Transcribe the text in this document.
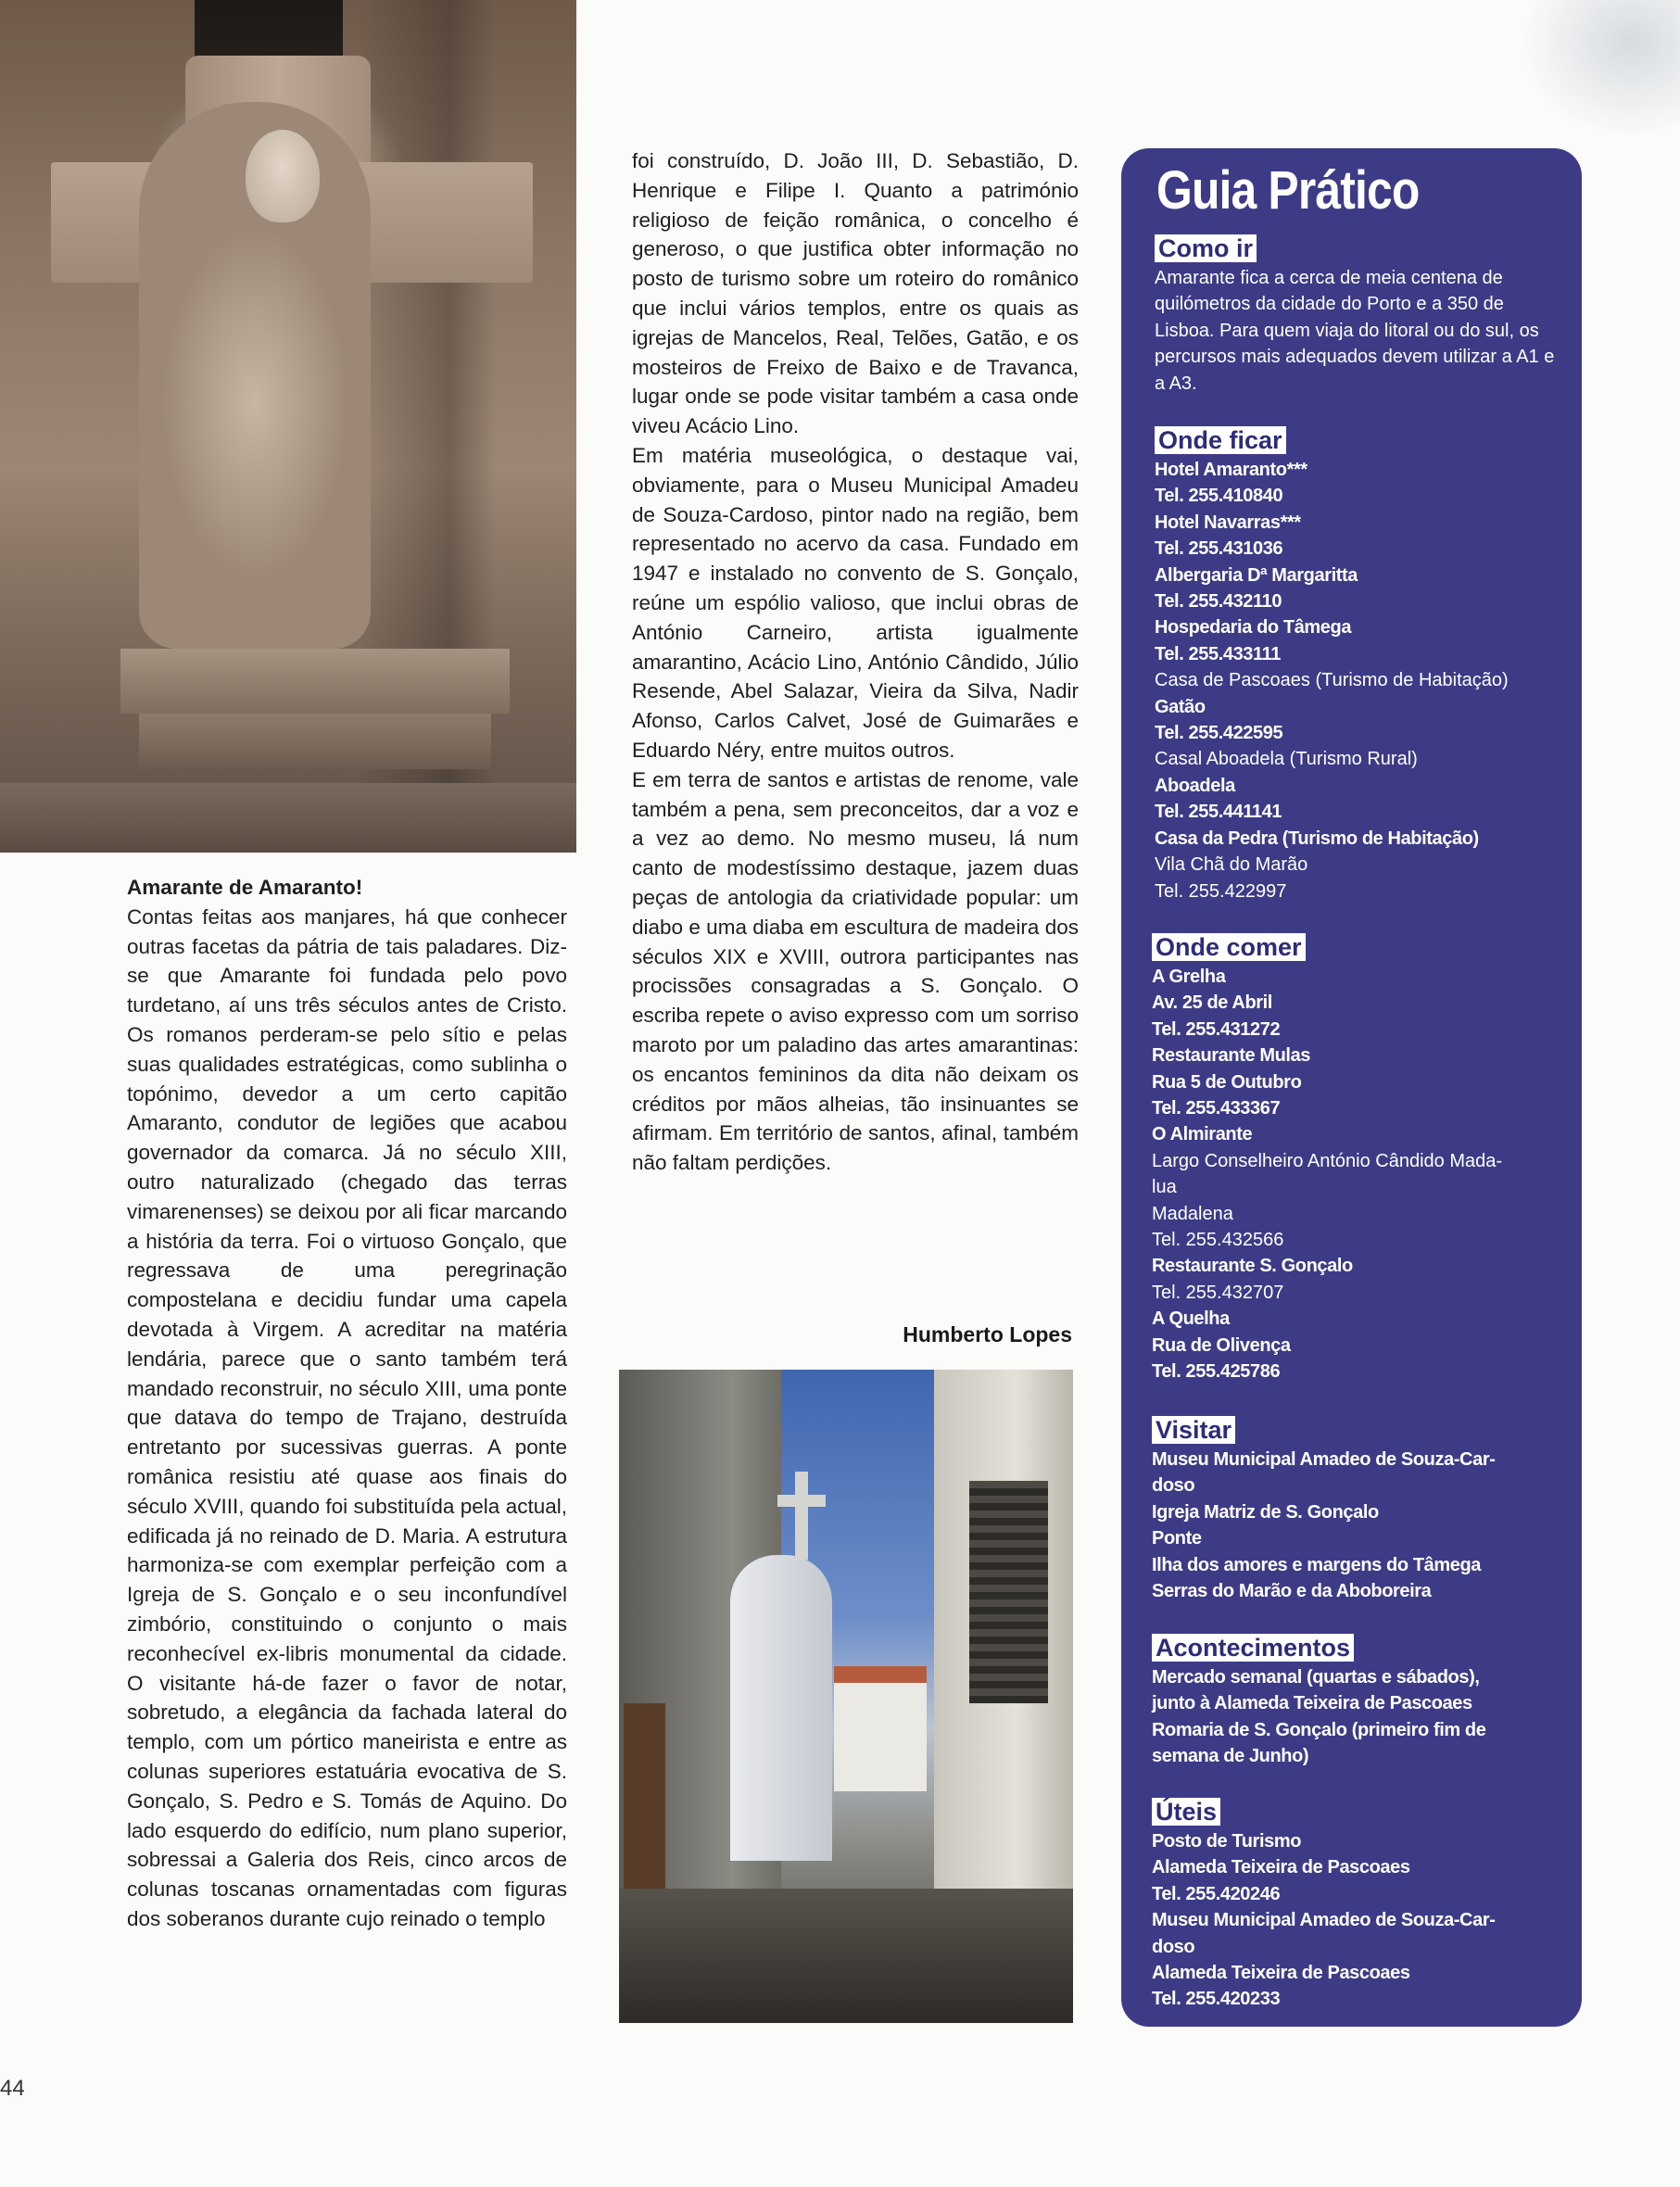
Amarante de Amaranto!

Contas feitas aos manjares, há que conhecer outras facetas da pátria de tais paladares. Diz-se que Amarante foi fundada pelo povo turdetano, aí uns três séculos antes de Cristo. Os romanos perderam-se pelo sítio e pelas suas qualidades estratégicas, como sublinha o topónimo, devedor a um certo capitão Amaranto, condutor de legiões que acabou governador da comarca. Já no século XIII, outro naturalizado (chegado das terras vimarenenses) se deixou por ali ficar marcando a história da terra. Foi o virtuoso Gonçalo, que regressava de uma peregrinação compostelana e decidiu fundar uma capela devotada à Virgem. A acreditar na matéria lendária, parece que o santo também terá mandado reconstruir, no século XIII, uma ponte que datava do tempo de Trajano, destruída entretanto por sucessivas guerras. A ponte românica resistiu até quase aos finais do século XVIII, quando foi substituída pela actual, edificada já no reinado de D. Maria. A estrutura harmoniza-se com exemplar perfeição com a Igreja de S. Gonçalo e o seu inconfundível zimbório, constituindo o conjunto o mais reconhecível ex-libris monumental da cidade. O visitante há-de fazer o favor de notar, sobretudo, a elegância da fachada lateral do templo, com um pórtico maneirista e entre as colunas superiores estatuária evocativa de S. Gonçalo, S. Pedro e S. Tomás de Aquino. Do lado esquerdo do edifício, num plano superior, sobressai a Galeria dos Reis, cinco arcos de colunas toscanas ornamentadas com figuras dos soberanos durante cujo reinado o templo

foi construído, D. João III, D. Sebastião, D. Henrique e Filipe I. Quanto a património religioso de feição românica, o concelho é generoso, o que justifica obter informação no posto de turismo sobre um roteiro do românico que inclui vários templos, entre os quais as igrejas de Mancelos, Real, Telões, Gatão, e os mosteiros de Freixo de Baixo e de Travanca, lugar onde se pode visitar também a casa onde viveu Acácio Lino.

Em matéria museológica, o destaque vai, obviamente, para o Museu Municipal Amadeu de Souza-Cardoso, pintor nado na região, bem representado no acervo da casa. Fundado em 1947 e instalado no convento de S. Gonçalo, reúne um espólio valioso, que inclui obras de António Carneiro, artista igualmente amarantino, Acácio Lino, António Cândido, Júlio Resende, Abel Salazar, Vieira da Silva, Nadir Afonso, Carlos Calvet, José de Guimarães e Eduardo Néry, entre muitos outros.

E em terra de santos e artistas de renome, vale também a pena, sem preconceitos, dar a voz e a vez ao demo. No mesmo museu, lá num canto de modestíssimo destaque, jazem duas peças de antologia da criatividade popular: um diabo e uma diaba em escultura de madeira dos séculos XIX e XVIII, outrora participantes nas procissões consagradas a S. Gonçalo. O escriba repete o aviso expresso com um sorriso maroto por um paladino das artes amarantinas: os encantos femininos da dita não deixam os créditos por mãos alheias, tão insinuantes se afirmam. Em território de santos, afinal, também não faltam perdições.

Humberto Lopes
Guia Prático
Como ir
Amarante fica a cerca de meia centena de quilómetros da cidade do Porto e a 350 de Lisboa. Para quem viaja do litoral ou do sul, os percursos mais adequados devem utilizar a A1 e a A3.
Onde ficar
Hotel Amaranto***
Tel. 255.410840
Hotel Navarras***
Tel. 255.431036
Albergaria Dª Margaritta
Tel. 255.432110
Hospedaria do Tâmega
Tel. 255.433111
Casa de Pascoaes (Turismo de Habitação)
Gatão
Tel. 255.422595
Casal Aboadela (Turismo Rural)
Aboadela
Tel. 255.441141
Casa da Pedra (Turismo de Habitação)
Vila Chã do Marão
Tel. 255.422997
Onde comer
A Grelha
Av. 25 de Abril
Tel. 255.431272
Restaurante Mulas
Rua 5 de Outubro
Tel. 255.433367
O Almirante
Largo Conselheiro António Cândido Mada-
lua
Madalena
Tel. 255.432566
Restaurante S. Gonçalo
Tel. 255.432707
A Quelha
Rua de Olivença
Tel. 255.425786
Visitar
Museu Municipal Amadeo de Souza-Car-
doso
Igreja Matriz de S. Gonçalo
Ponte
Ilha dos amores e margens do Tâmega
Serras do Marão e da Aboboreira
Acontecimentos
Mercado semanal (quartas e sábados),
junto à Alameda Teixeira de Pascoaes
Romaria de S. Gonçalo (primeiro fim de
semana de Junho)
Úteis
Posto de Turismo
Alameda Teixeira de Pascoaes
Tel. 255.420246
Museu Municipal Amadeo de Souza-Car-
doso
Alameda Teixeira de Pascoaes
Tel. 255.420233
44
